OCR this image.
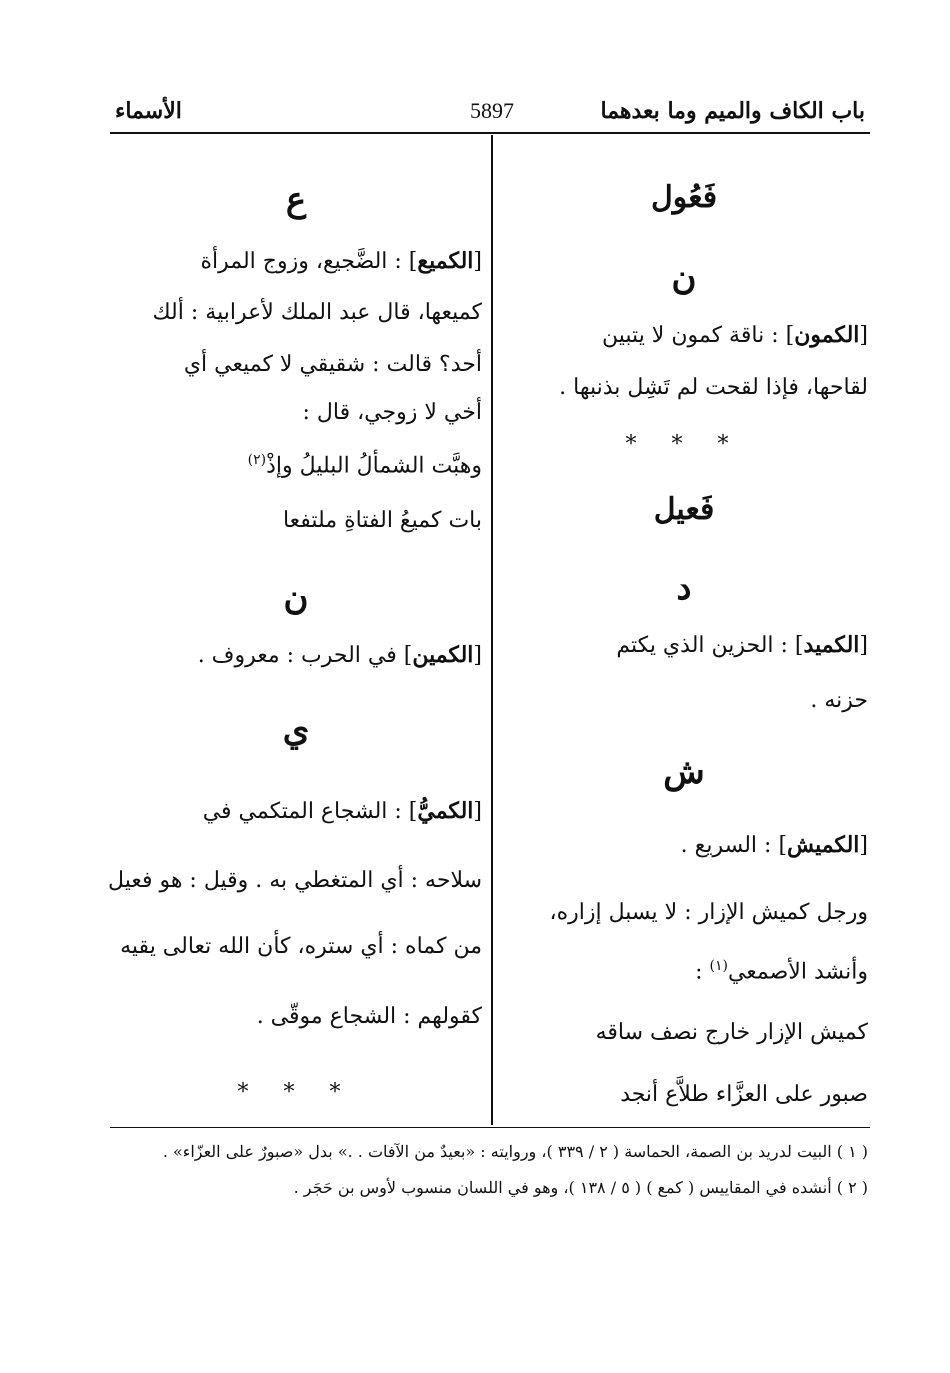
باب الكاف والميم وما بعدهما
5897
الأسماء
فَعُول
ن
[الكمون] : ناقة كمون لا يتبين
لقاحها، فإذا لقحت لم تَشِل بذنبها .
* * *
فَعيل
د
[الكميد] : الحزين الذي يكتم
حزنه .
ش
[الكميش] : السريع .
ورجل كميش الإزار : لا يسبل إزاره،
وأنشد الأصمعي$^{(١)}$ :
كميش الإزار خارج نصف ساقه
صبور على العزَّاء طلاَّع أنجد
ع
[الكميع] : الضَّجيع، وزوج المرأة
كميعها، قال عبد الملك لأعرابية : ألك
أحد؟ قالت : شقيقي لا كميعي أي
أخي لا زوجي، قال :
وهبَّت الشمألُ البليلُ وإذْ$^{(٢)}$
بات كميعُ الفتاةِ ملتفعا
ن
[الكمين] في الحرب : معروف .
ي
[الكميُّ] : الشجاع المتكمي في
سلاحه : أي المتغطي به . وقيل : هو فعيل
من كماه : أي ستره، كأن الله تعالى يقيه
كقولهم : الشجاع موقّى .
* * *
( ١ ) البيت لدريد بن الصمة، الحماسة ( ٢ / ٣٣٩ )، وروايته : «بعيدٌ من الآفات . .» بدل «صبورٌ على العزّاء» .
( ٢ ) أنشده في المقاييس ( كمع ) ( ٥ / ١٣٨ )، وهو في اللسان منسوب لأوس بن حَجَر .
